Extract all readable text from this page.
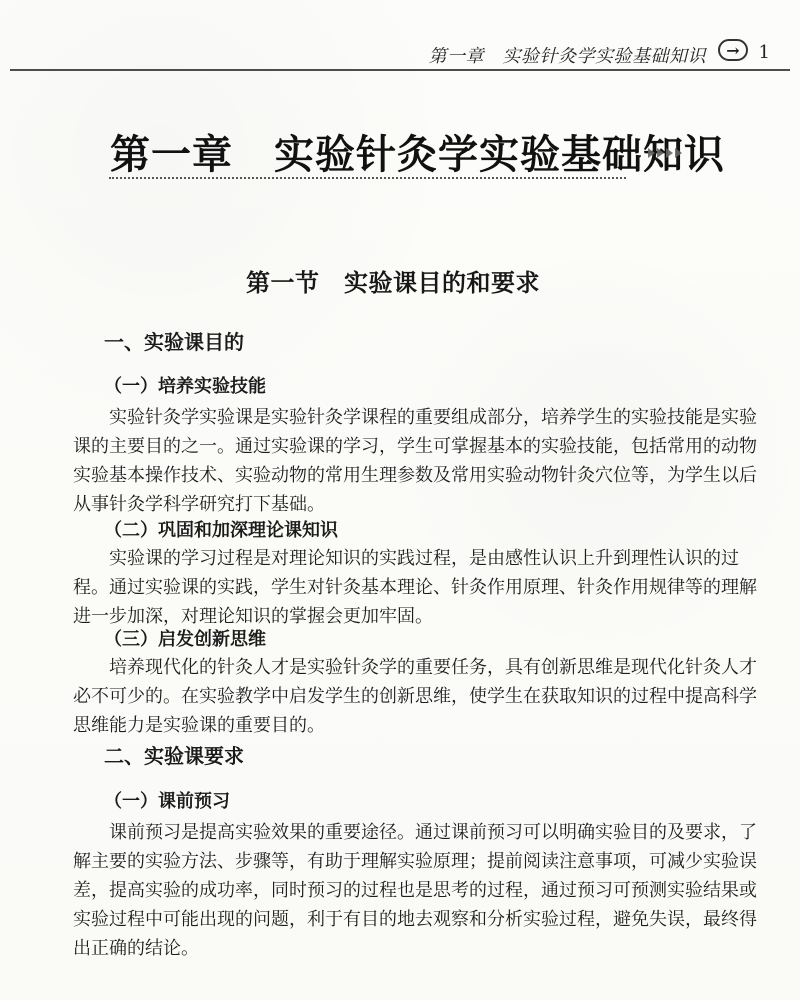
第一章　实验针灸学实验基础知识	→	1
第一章　实验针灸学实验基础知识
第一节　实验课目的和要求
一、实验课目的
（一）培养实验技能
实验针灸学实验课是实验针灸学课程的重要组成部分，培养学生的实验技能是实验
课的主要目的之一。通过实验课的学习，学生可掌握基本的实验技能，包括常用的动物
实验基本操作技术、实验动物的常用生理参数及常用实验动物针灸穴位等，为学生以后
从事针灸学科学研究打下基础。
（二）巩固和加深理论课知识
实验课的学习过程是对理论知识的实践过程，是由感性认识上升到理性认识的过
程。通过实验课的实践，学生对针灸基本理论、针灸作用原理、针灸作用规律等的理解
进一步加深，对理论知识的掌握会更加牢固。
（三）启发创新思维
培养现代化的针灸人才是实验针灸学的重要任务，具有创新思维是现代化针灸人才
必不可少的。在实验教学中启发学生的创新思维，使学生在获取知识的过程中提高科学
思维能力是实验课的重要目的。
二、实验课要求
（一）课前预习
课前预习是提高实验效果的重要途径。通过课前预习可以明确实验目的及要求，了
解主要的实验方法、步骤等，有助于理解实验原理；提前阅读注意事项，可减少实验误
差，提高实验的成功率，同时预习的过程也是思考的过程，通过预习可预测实验结果或
实验过程中可能出现的问题，利于有目的地去观察和分析实验过程，避免失误，最终得
出正确的结论。
